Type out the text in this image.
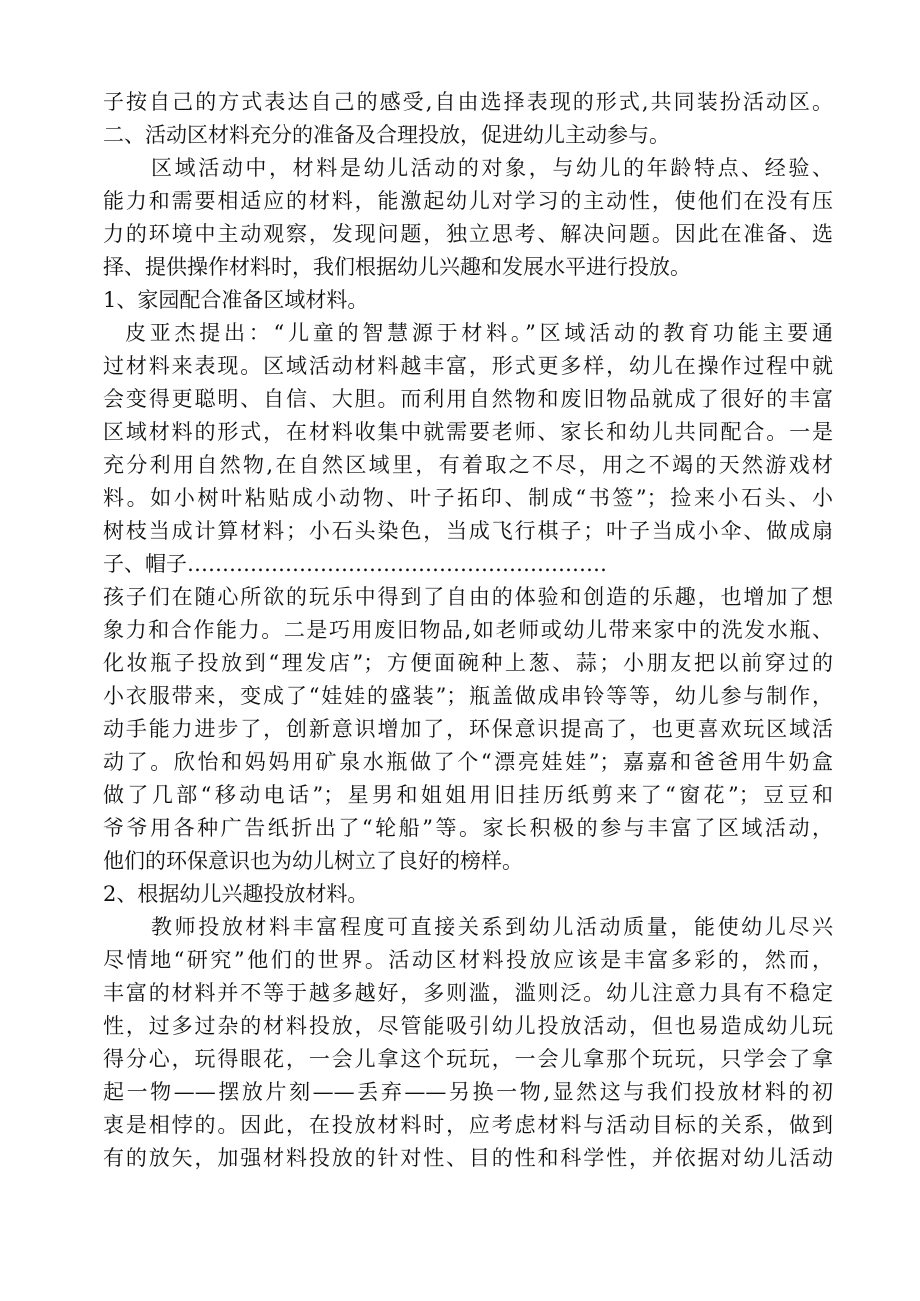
子按自己的方式表达自己的感受,自由选择表现的形式,共同装扮活动区。
二、活动区材料充分的准备及合理投放，促进幼儿主动参与。
区域活动中，材料是幼儿活动的对象，与幼儿的年龄特点、经验、
能力和需要相适应的材料，能激起幼儿对学习的主动性，使他们在没有压
力的环境中主动观察，发现问题，独立思考、解决问题。因此在准备、选
择、提供操作材料时，我们根据幼儿兴趣和发展水平进行投放。
1、家园配合准备区域材料。
皮亚杰提出：“儿童的智慧源于材料。”区域活动的教育功能主要通
过材料来表现。区域活动材料越丰富，形式更多样，幼儿在操作过程中就
会变得更聪明、自信、大胆。而利用自然物和废旧物品就成了很好的丰富
区域材料的形式，在材料收集中就需要老师、家长和幼儿共同配合。一是
充分利用自然物,在自然区域里，有着取之不尽，用之不竭的天然游戏材
料。如小树叶粘贴成小动物、叶子拓印、制成“书签”；捡来小石头、小
树枝当成计算材料；小石头染色，当成飞行棋子；叶子当成小伞、做成扇
子、帽子……………………………………………………
孩子们在随心所欲的玩乐中得到了自由的体验和创造的乐趣，也增加了想
象力和合作能力。二是巧用废旧物品,如老师或幼儿带来家中的洗发水瓶、
化妆瓶子投放到“理发店”；方便面碗种上葱、蒜；小朋友把以前穿过的
小衣服带来，变成了“娃娃的盛装”；瓶盖做成串铃等等，幼儿参与制作，
动手能力进步了，创新意识增加了，环保意识提高了，也更喜欢玩区域活
动了。欣怡和妈妈用矿泉水瓶做了个“漂亮娃娃”；嘉嘉和爸爸用牛奶盒
做了几部“移动电话”；星男和姐姐用旧挂历纸剪来了“窗花”；豆豆和
爷爷用各种广告纸折出了“轮船”等。家长积极的参与丰富了区域活动，
他们的环保意识也为幼儿树立了良好的榜样。
2、根据幼儿兴趣投放材料。
教师投放材料丰富程度可直接关系到幼儿活动质量，能使幼儿尽兴
尽情地“研究”他们的世界。活动区材料投放应该是丰富多彩的，然而，
丰富的材料并不等于越多越好，多则滥，滥则泛。幼儿注意力具有不稳定
性，过多过杂的材料投放，尽管能吸引幼儿投放活动，但也易造成幼儿玩
得分心，玩得眼花，一会儿拿这个玩玩，一会儿拿那个玩玩，只学会了拿
起一物——摆放片刻——丢弃——另换一物,显然这与我们投放材料的初
衷是相悖的。因此，在投放材料时，应考虑材料与活动目标的关系，做到
有的放矢，加强材料投放的针对性、目的性和科学性，并依据对幼儿活动
